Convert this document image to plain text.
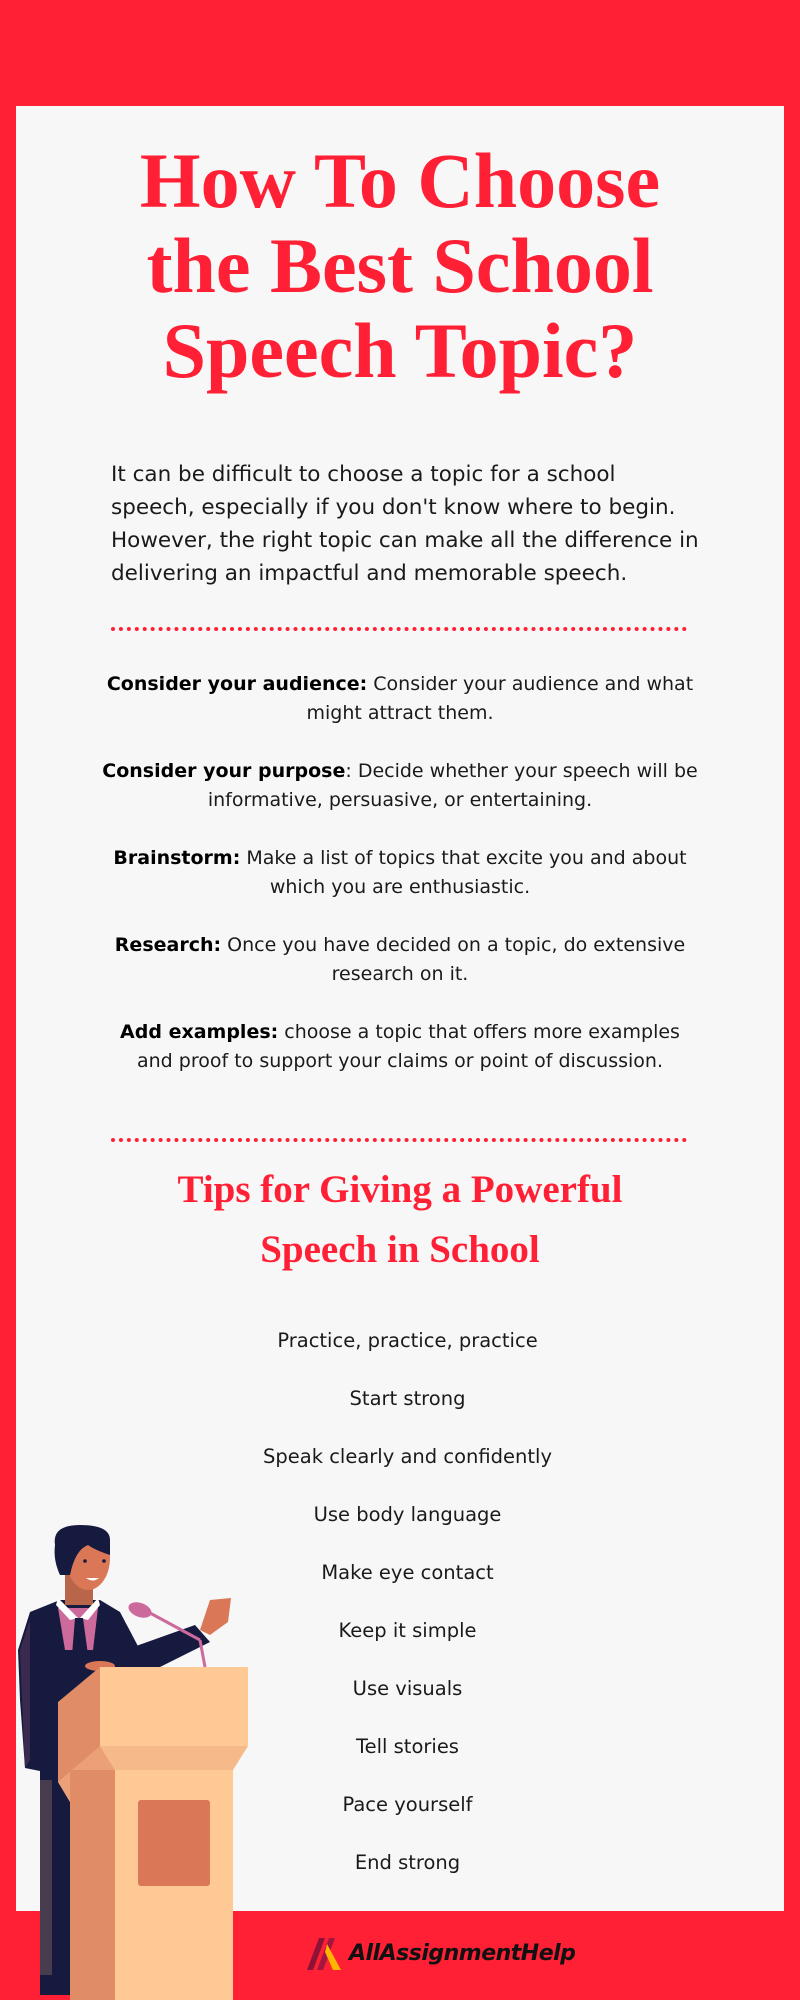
How To Choose
the Best School
Speech Topic?

It can be difficult to choose a topic for a school speech, especially if you don't know where to begin. However, the right topic can make all the difference in delivering an impactful and memorable speech.

Consider your audience: Consider your audience and what might attract them.

Consider your purpose: Decide whether your speech will be informative, persuasive, or entertaining.

Brainstorm: Make a list of topics that excite you and about which you are enthusiastic.

Research: Once you have decided on a topic, do extensive research on it.

Add examples: choose a topic that offers more examples and proof to support your claims or point of discussion.

Tips for Giving a Powerful
Speech in School
Practice, practice, practice
Start strong
Speak clearly and confidently
Use body language
Make eye contact
Keep it simple
Use visuals
Tell stories
Pace yourself
End strong
AllAssignmentHelp
